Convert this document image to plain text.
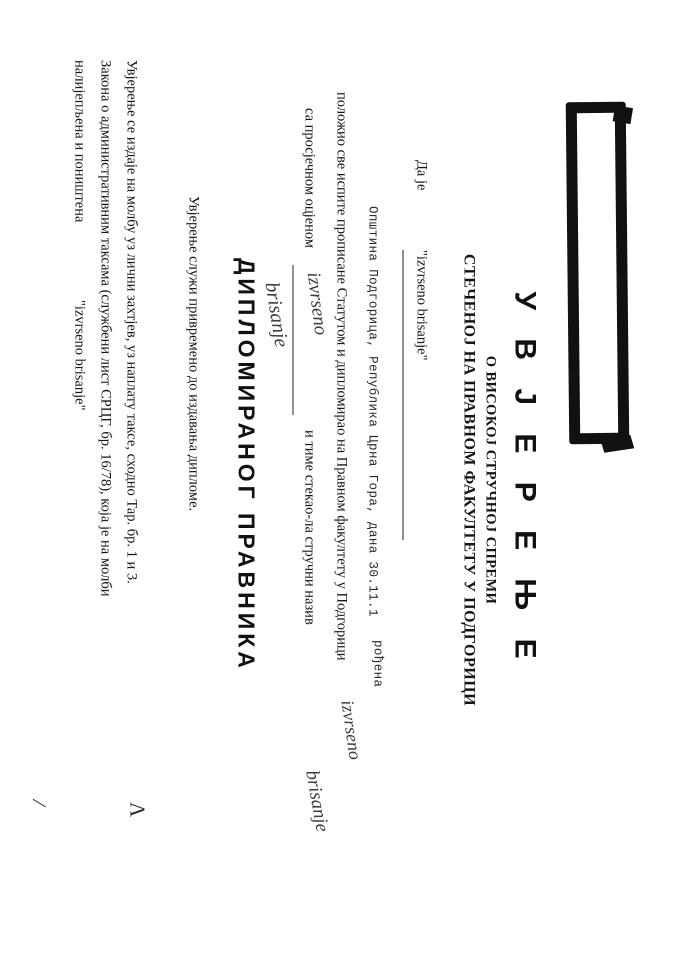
У В Ј Е Р Е Њ Е
О ВИСОКОЈ СТРУЧНОЈ СПРЕМИ
СТЕЧЕНОЈ НА ПРАВНОМ ФАКУЛТЕТУ У ПОДГОРИЦИ
Да је
"izvrseno brisanje"
Општина Подгорица, Република Црна Гора, дана 30.11.1
рођена
положио све испите прописане Статутом и дипломирао на Правном факултету у Подгорици
са просјечном оцјеном
и тиме стекао-ла стручни назив
ДИПЛОМИРАНОГ ПРАВНИКА
Увјерење служи привремено до издавања дипломе.
Увјерење се издаје на молбу уз лични захтјев, уз наплату таксе, сходно Тар. бр. 1 и 3.
Закона о административним таксама (службени лист СРЦГ, бр. 16/78), која је на молби
налијепљена и поништена
"izvrseno brisanje"	izvrseno
brisanje
izvrseno
brisanje
Λ
/
